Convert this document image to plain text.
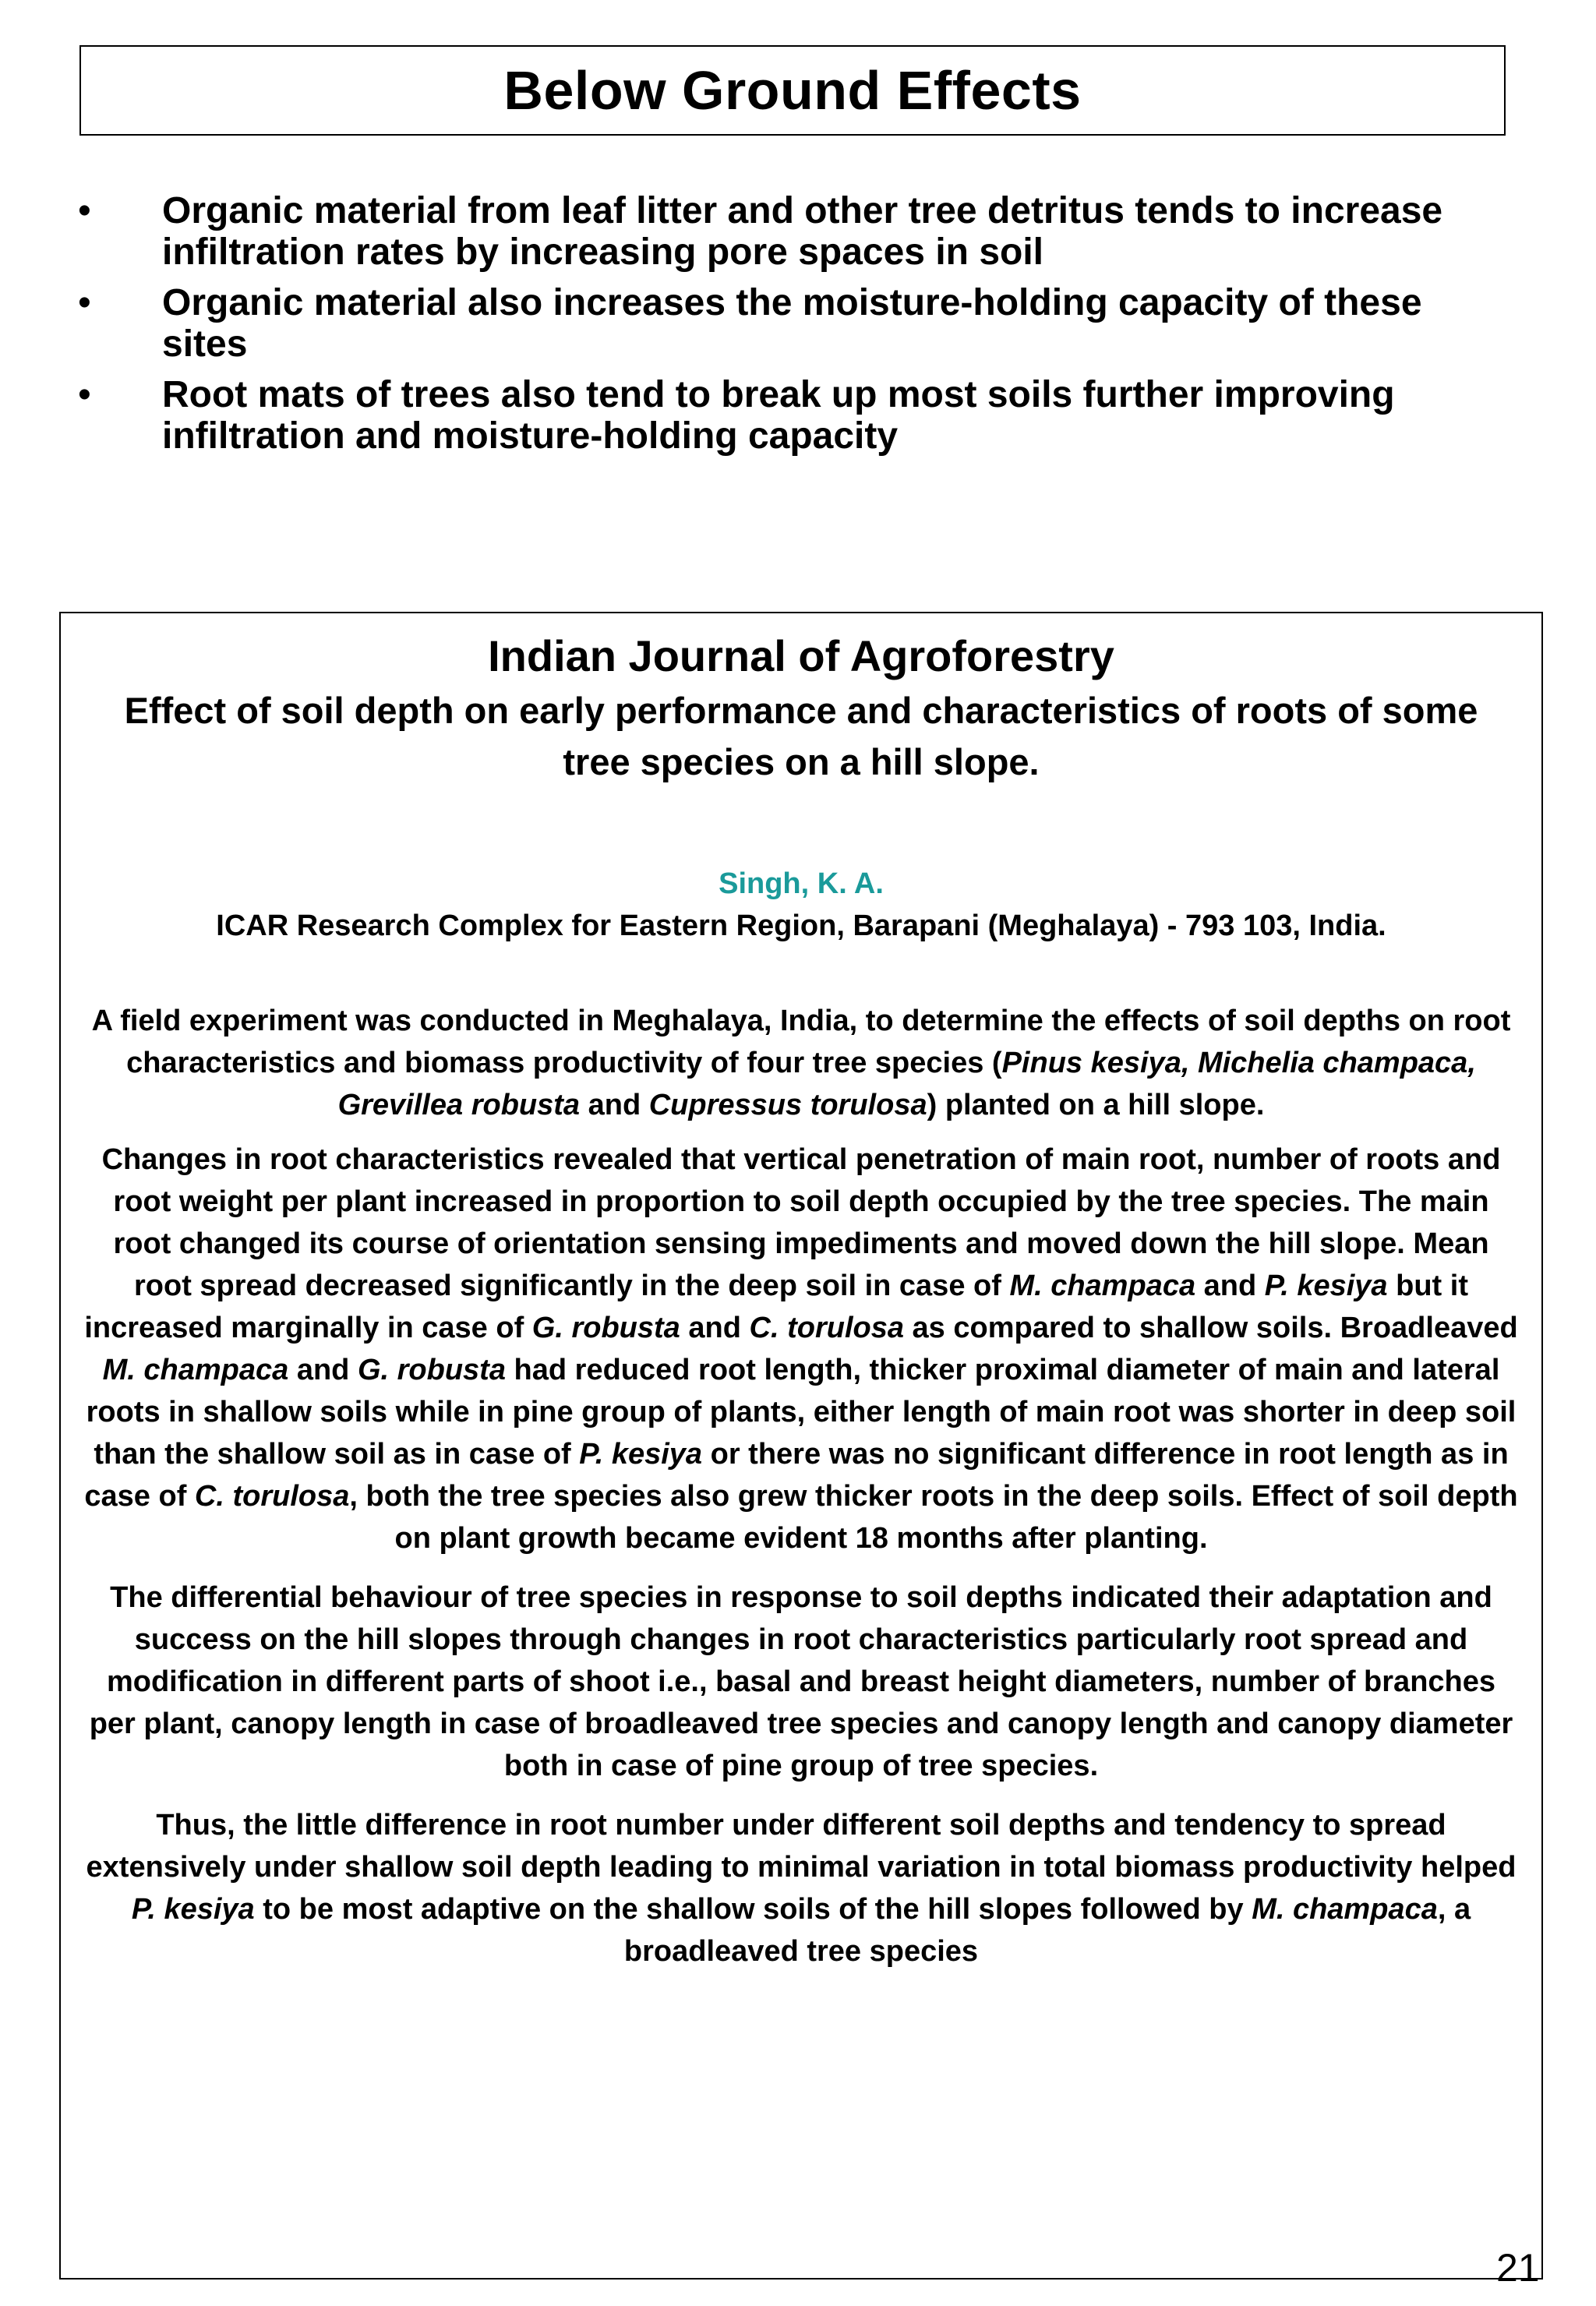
Below Ground Effects
• Organic material from leaf litter and other tree detritus tends to increase infiltration rates by increasing pore spaces in soil
• Organic material also increases the moisture-holding capacity of these sites
• Root mats of trees also tend to break up most soils further improving infiltration and moisture-holding capacity
Indian Journal of Agroforestry
Effect of soil depth on early performance and characteristics of roots of some tree species on a hill slope.
Singh, K. A.
ICAR Research Complex for Eastern Region, Barapani (Meghalaya) - 793 103, India.

A field experiment was conducted in Meghalaya, India, to determine the effects of soil depths on root characteristics and biomass productivity of four tree species (Pinus kesiya, Michelia champaca, Grevillea robusta and Cupressus torulosa) planted on a hill slope.

Changes in root characteristics revealed that vertical penetration of main root, number of roots and root weight per plant increased in proportion to soil depth occupied by the tree species. The main root changed its course of orientation sensing impediments and moved down the hill slope. Mean root spread decreased significantly in the deep soil in case of M. champaca and P. kesiya but it increased marginally in case of G. robusta and C. torulosa as compared to shallow soils. Broadleaved M. champaca and G. robusta had reduced root length, thicker proximal diameter of main and lateral roots in shallow soils while in pine group of plants, either length of main root was shorter in deep soil than the shallow soil as in case of P. kesiya or there was no significant difference in root length as in case of C. torulosa, both the tree species also grew thicker roots in the deep soils. Effect of soil depth on plant growth became evident 18 months after planting.

The differential behaviour of tree species in response to soil depths indicated their adaptation and success on the hill slopes through changes in root characteristics particularly root spread and modification in different parts of shoot i.e., basal and breast height diameters, number of branches per plant, canopy length in case of broadleaved tree species and canopy length and canopy diameter both in case of pine group of tree species.

Thus, the little difference in root number under different soil depths and tendency to spread extensively under shallow soil depth leading to minimal variation in total biomass productivity helped P. kesiya to be most adaptive on the shallow soils of the hill slopes followed by M. champaca, a broadleaved tree species

21
